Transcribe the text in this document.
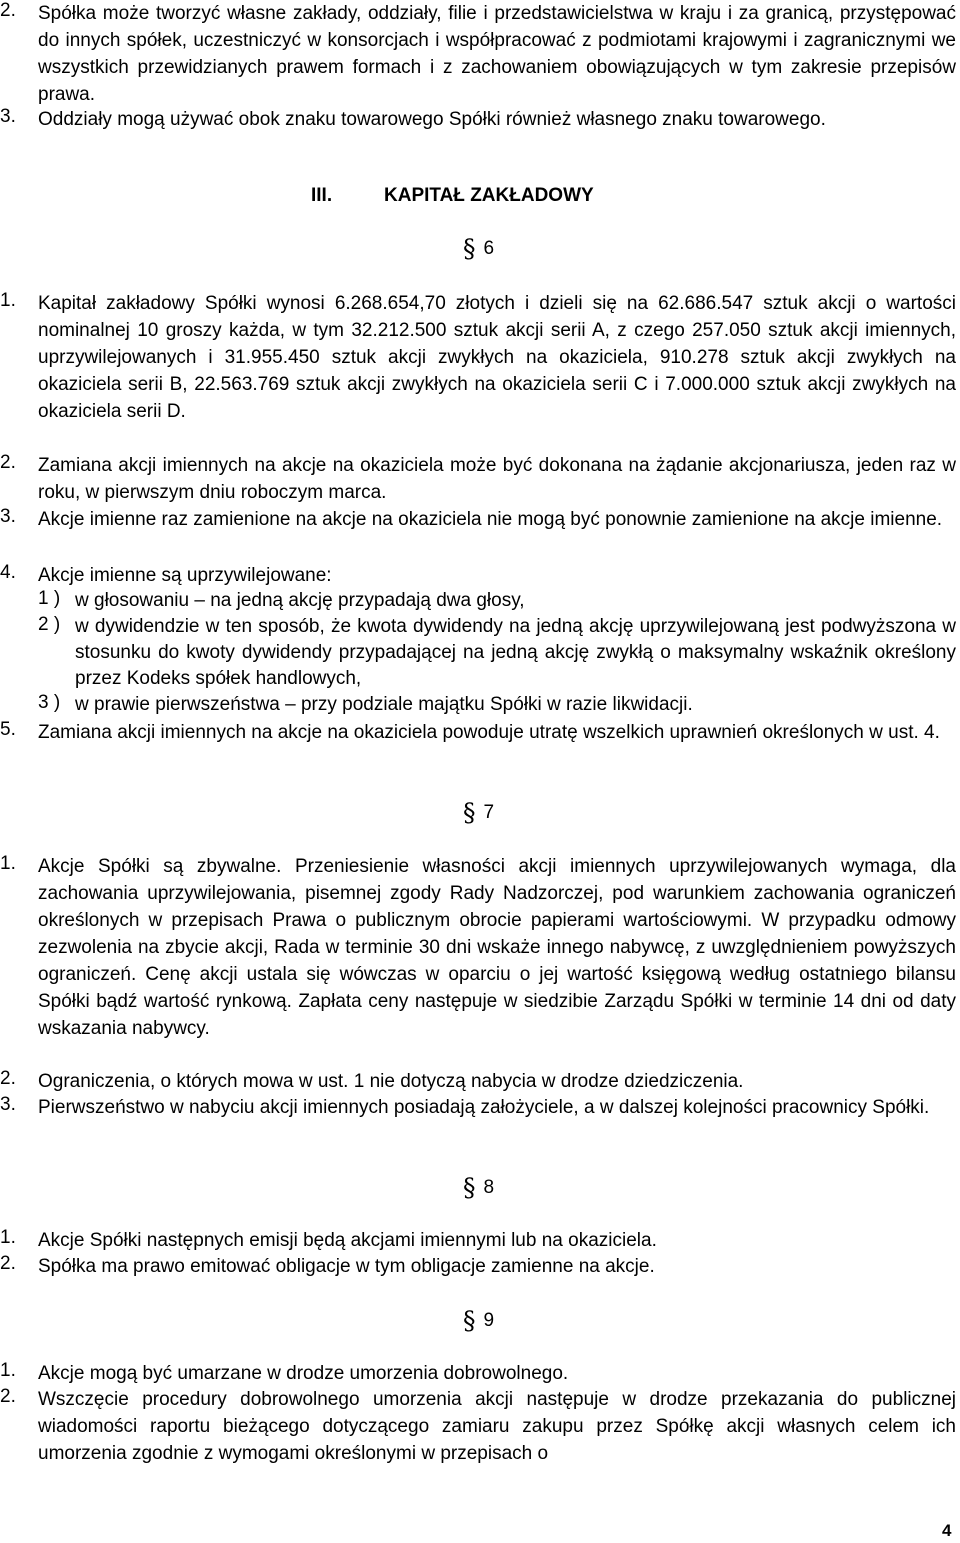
2.	Spółka może tworzyć własne zakłady, oddziały, filie i przedstawicielstwa w kraju i za granicą, przystępować do innych spółek, uczestniczyć w konsorcjach i współpracować z podmiotami krajowymi i zagranicznymi we wszystkich przewidzianych prawem formach i z zachowaniem obowiązujących w tym zakresie przepisów prawa.
3.	Oddziały mogą używać obok znaku towarowego Spółki również własnego znaku towarowego.
III.	KAPITAŁ ZAKŁADOWY
§ 6
1.	Kapitał zakładowy Spółki wynosi 6.268.654,70 złotych i dzieli się na 62.686.547 sztuk akcji o wartości nominalnej 10 groszy każda, w tym 32.212.500 sztuk akcji serii A, z czego 257.050 sztuk akcji imiennych, uprzywilejowanych i 31.955.450 sztuk akcji zwykłych na okaziciela, 910.278 sztuk akcji zwykłych na okaziciela serii B, 22.563.769 sztuk akcji zwykłych na okaziciela serii C i 7.000.000 sztuk akcji zwykłych na okaziciela serii D.
2.	Zamiana akcji imiennych na akcje na okaziciela może być dokonana na żądanie akcjonariusza, jeden raz w roku, w pierwszym dniu roboczym marca.
3.	Akcje imienne raz zamienione na akcje na okaziciela nie mogą być ponownie zamienione na akcje imienne.
4.	Akcje imienne są uprzywilejowane:
1 ) w głosowaniu – na jedną akcję przypadają dwa głosy,
2 ) w dywidendzie w ten sposób, że kwota dywidendy na jedną akcję uprzywilejowaną jest podwyższona w stosunku do kwoty dywidendy przypadającej na jedną akcję zwykłą o maksymalny wskaźnik określony przez Kodeks spółek handlowych,
3 ) w prawie pierwszeństwa – przy podziale majątku Spółki w razie likwidacji.
5.	Zamiana akcji imiennych na akcje na okaziciela powoduje utratę wszelkich uprawnień określonych w ust. 4.
§ 7
1.	Akcje Spółki są zbywalne. Przeniesienie własności akcji imiennych uprzywilejowanych wymaga, dla zachowania uprzywilejowania, pisemnej zgody Rady Nadzorczej, pod warunkiem zachowania ograniczeń określonych w przepisach Prawa o publicznym obrocie papierami wartościowymi. W przypadku odmowy zezwolenia na zbycie akcji, Rada w terminie 30 dni wskaże innego nabywcę, z uwzględnieniem powyższych ograniczeń. Cenę akcji ustala się wówczas w oparciu o jej wartość księgową według ostatniego bilansu Spółki bądź wartość rynkową. Zapłata ceny następuje w siedzibie Zarządu Spółki w terminie 14 dni od daty wskazania nabywcy.
2.	Ograniczenia, o których mowa w ust. 1 nie dotyczą nabycia w drodze dziedziczenia.
3.	Pierwszeństwo w nabyciu akcji imiennych posiadają założyciele, a w dalszej kolejności pracownicy Spółki.
§ 8
1.	Akcje Spółki następnych emisji będą akcjami imiennymi lub na okaziciela.
2.	Spółka ma prawo emitować obligacje w tym obligacje zamienne na akcje.
§ 9
1.	Akcje mogą być umarzane w drodze umorzenia dobrowolnego.
2.	Wszczęcie procedury dobrowolnego umorzenia akcji następuje w drodze przekazania do publicznej wiadomości raportu bieżącego dotyczącego zamiaru zakupu przez Spółkę akcji własnych celem ich umorzenia zgodnie z wymogami określonymi w przepisach o
4
